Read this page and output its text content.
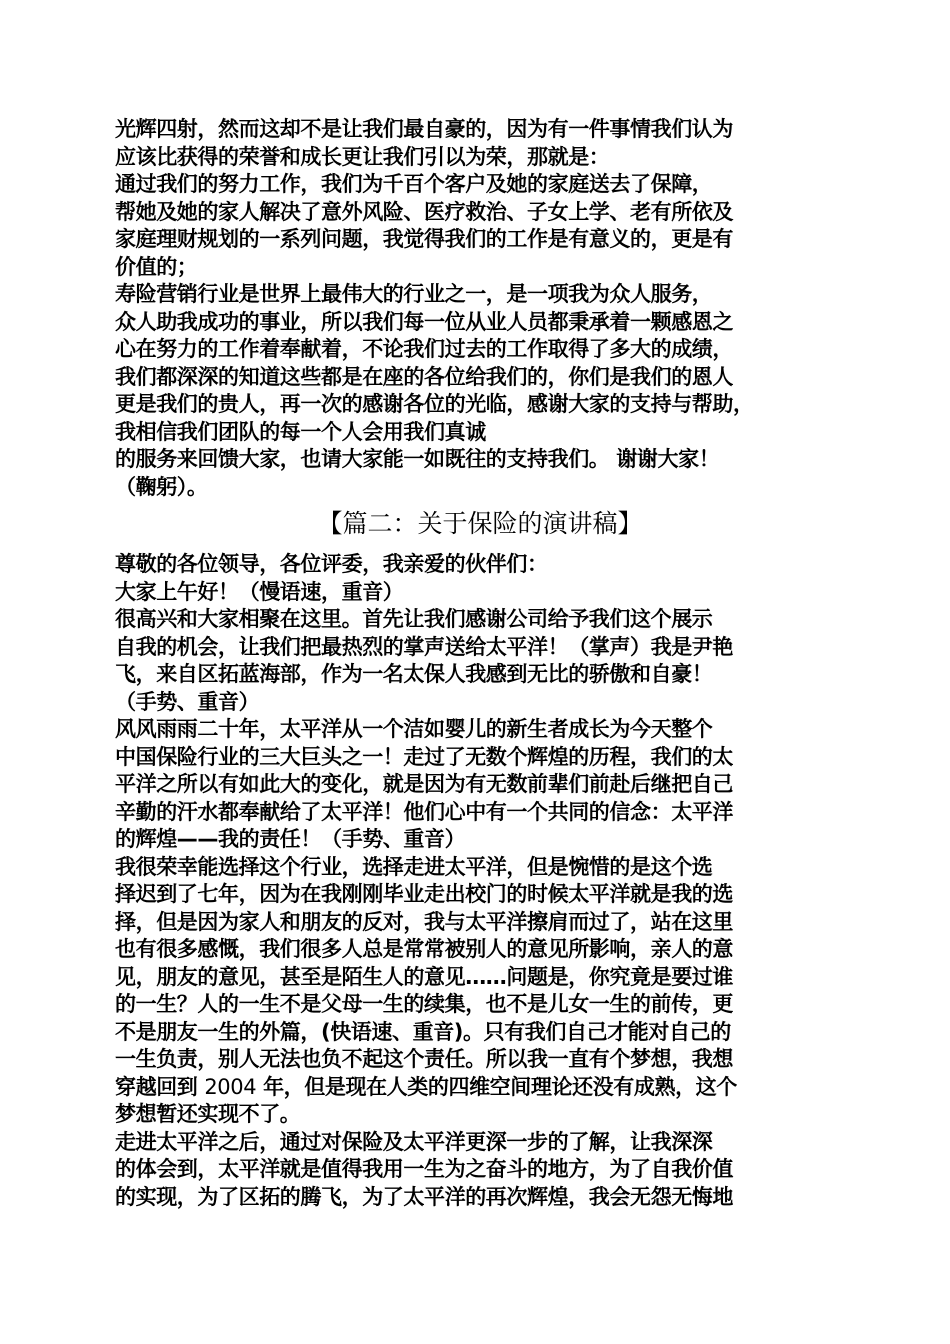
光辉四射，然而这却不是让我们最自豪的，因为有一件事情我们认为

应该比获得的荣誉和成长更让我们引以为荣，那就是：

通过我们的努力工作，我们为千百个客户及她的家庭送去了保障，

帮她及她的家人解决了意外风险、医疗救治、子女上学、老有所依及

家庭理财规划的一系列问题，我觉得我们的工作是有意义的，更是有

价值的；

寿险营销行业是世界上最伟大的行业之一，是一项我为众人服务，

众人助我成功的事业，所以我们每一位从业人员都秉承着一颗感恩之

心在努力的工作着奉献着，不论我们过去的工作取得了多大的成绩，

我们都深深的知道这些都是在座的各位给我们的，你们是我们的恩人

更是我们的贵人，再一次的感谢各位的光临，感谢大家的支持与帮助，

我相信我们团队的每一个人会用我们真诚

的服务来回馈大家，也请大家能一如既往的支持我们。 谢谢大家！

（鞠躬）。

【篇二：关于保险的演讲稿】

尊敬的各位领导，各位评委，我亲爱的伙伴们：

大家上午好！（慢语速，重音）

很高兴和大家相聚在这里。首先让我们感谢公司给予我们这个展示

自我的机会，让我们把最热烈的掌声送给太平洋！（掌声）我是尹艳

飞，来自区拓蓝海部，作为一名太保人我感到无比的骄傲和自豪！

（手势、重音）

风风雨雨二十年，太平洋从一个洁如婴儿的新生者成长为今天整个

中国保险行业的三大巨头之一！走过了无数个辉煌的历程，我们的太

平洋之所以有如此大的变化，就是因为有无数前辈们前赴后继把自己

辛勤的汗水都奉献给了太平洋！他们心中有一个共同的信念：太平洋

的辉煌——我的责任！（手势、重音）

我很荣幸能选择这个行业，选择走进太平洋，但是惋惜的是这个选

择迟到了七年，因为在我刚刚毕业走出校门的时候太平洋就是我的选

择，但是因为家人和朋友的反对，我与太平洋擦肩而过了，站在这里

也有很多感慨，我们很多人总是常常被别人的意见所影响，亲人的意

见，朋友的意见，甚至是陌生人的意见……问题是，你究竟是要过谁

的一生？人的一生不是父母一生的续集，也不是儿女一生的前传，更

不是朋友一生的外篇，(快语速、重音)。只有我们自己才能对自己的

一生负责，别人无法也负不起这个责任。所以我一直有个梦想，我想

穿越回到 2004 年，但是现在人类的四维空间理论还没有成熟，这个

梦想暂还实现不了。

走进太平洋之后，通过对保险及太平洋更深一步的了解，让我深深

的体会到，太平洋就是值得我用一生为之奋斗的地方，为了自我价值

的实现，为了区拓的腾飞，为了太平洋的再次辉煌，我会无怨无悔地
